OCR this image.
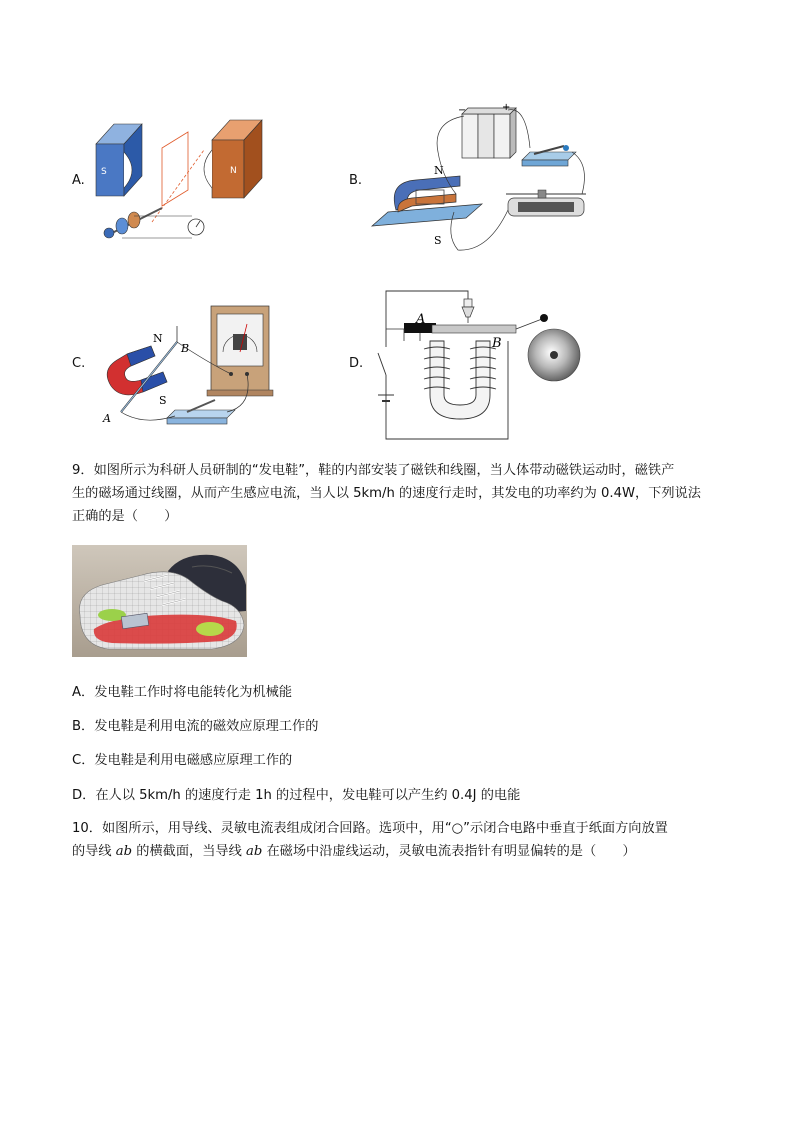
A.
S	N
B.
−	+
N
S
C.
N
S
A
B
D.
A
B
9．如图所示为科研人员研制的“发电鞋”，鞋的内部安装了磁铁和线圈，当人体带动磁铁运动时，磁铁产
生的磁场通过线圈，从而产生感应电流，当人以 5km/h 的速度行走时，其发电的功率约为 0.4W，下列说法
正确的是（　　）
A．发电鞋工作时将电能转化为机械能
B．发电鞋是利用电流的磁效应原理工作的
C．发电鞋是利用电磁感应原理工作的
D．在人以 5km/h 的速度行走 1h 的过程中，发电鞋可以产生约 0.4J 的电能
10．如图所示，用导线、灵敏电流表组成闭合回路。选项中，用“○”示闭合电路中垂直于纸面方向放置
的导线 ab 的横截面，当导线 ab 在磁场中沿虚线运动，灵敏电流表指针有明显偏转的是（　　）
